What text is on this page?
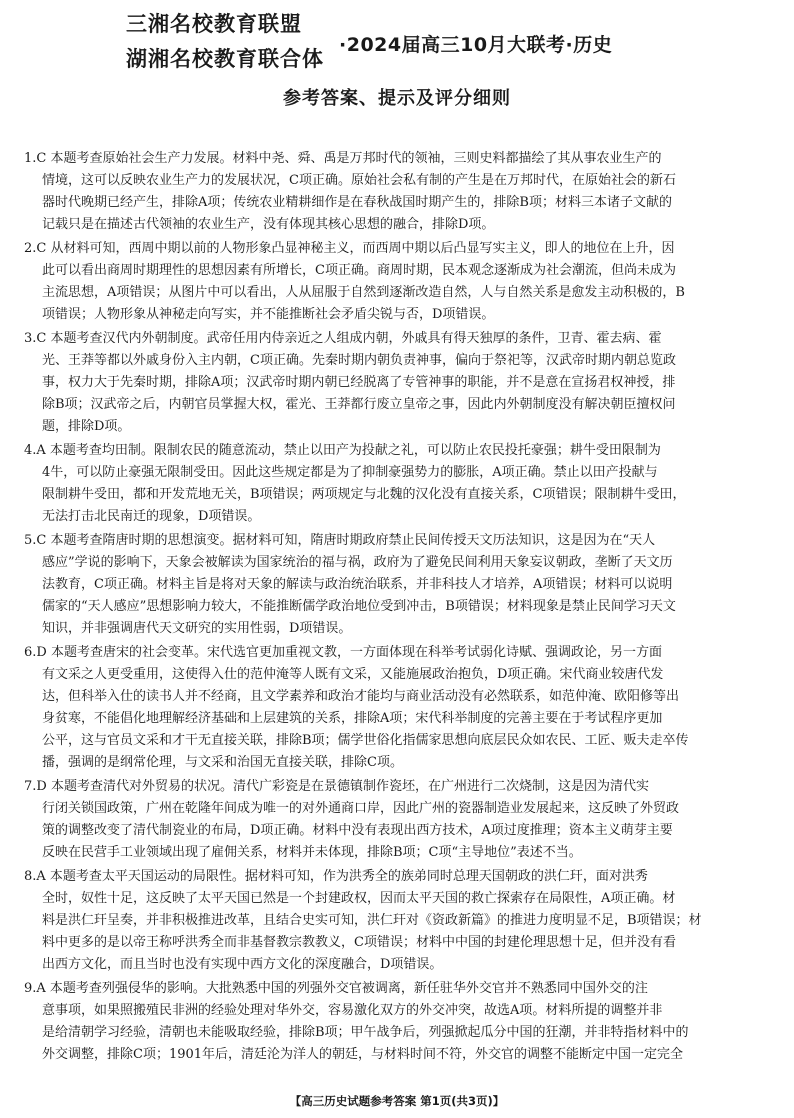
三湘名校教育联盟
湖湘名校教育联合体
·2024届高三10月大联考·历史
参考答案、提示及评分细则
1.C 本题考查原始社会生产力发展。材料中尧、舜、禹是万邦时代的领袖，三则史料都描绘了其从事农业生产的
情境，这可以反映农业生产力的发展状况，C项正确。原始社会私有制的产生是在万邦时代，在原始社会的新石
器时代晚期已经产生，排除A项；传统农业精耕细作是在春秋战国时期产生的，排除B项；材料三本诸子文献的
记载只是在描述古代领袖的农业生产，没有体现其核心思想的融合，排除D项。
2.C 从材料可知，西周中期以前的人物形象凸显神秘主义，而西周中期以后凸显写实主义，即人的地位在上升，因
此可以看出商周时期理性的思想因素有所增长，C项正确。商周时期，民本观念逐渐成为社会潮流，但尚未成为
主流思想，A项错误；从图片中可以看出，人从屈服于自然到逐渐改造自然，人与自然关系是愈发主动积极的，B
项错误；人物形象从神秘走向写实，并不能推断社会矛盾尖锐与否，D项错误。
3.C 本题考查汉代内外朝制度。武帝任用内侍亲近之人组成内朝，外戚具有得天独厚的条件，卫青、霍去病、霍
光、王莽等都以外戚身份入主内朝，C项正确。先秦时期内朝负责神事，偏向于祭祀等，汉武帝时期内朝总览政
事，权力大于先秦时期，排除A项；汉武帝时期内朝已经脱离了专管神事的职能，并不是意在宣扬君权神授，排
除B项；汉武帝之后，内朝官员掌握大权，霍光、王莽都行废立皇帝之事，因此内外朝制度没有解决朝臣擅权问
题，排除D项。
4.A 本题考查均田制。限制农民的随意流动，禁止以田产为投献之礼，可以防止农民投托豪强；耕牛受田限制为
4牛，可以防止豪强无限制受田。因此这些规定都是为了抑制豪强势力的膨胀，A项正确。禁止以田产投献与
限制耕牛受田，都和开发荒地无关，B项错误；两项规定与北魏的汉化没有直接关系，C项错误；限制耕牛受田，
无法打击北民南迁的现象，D项错误。
5.C 本题考查隋唐时期的思想演变。据材料可知，隋唐时期政府禁止民间传授天文历法知识，这是因为在“天人
感应”学说的影响下，天象会被解读为国家统治的福与祸，政府为了避免民间利用天象妄议朝政，垄断了天文历
法教育，C项正确。材料主旨是将对天象的解读与政治统治联系，并非科技人才培养，A项错误；材料可以说明
儒家的“天人感应”思想影响力较大，不能推断儒学政治地位受到冲击，B项错误；材料现象是禁止民间学习天文
知识，并非强调唐代天文研究的实用性弱，D项错误。
6.D 本题考查唐宋的社会变革。宋代选官更加重视文教，一方面体现在科举考试弱化诗赋、强调政论，另一方面
有文采之人更受重用，这使得入仕的范仲淹等人既有文采，又能施展政治抱负，D项正确。宋代商业较唐代发
达，但科举入仕的读书人并不经商，且文学素养和政治才能均与商业活动没有必然联系，如范仲淹、欧阳修等出
身贫寒，不能倡化地理解经济基础和上层建筑的关系，排除A项；宋代科举制度的完善主要在于考试程序更加
公平，这与官员文采和才干无直接关联，排除B项；儒学世俗化指儒家思想向底层民众如农民、工匠、贩夫走卒传
播，强调的是纲常伦理，与文采和治国无直接关联，排除C项。
7.D 本题考查清代对外贸易的状况。清代广彩瓷是在景德镇制作瓷坯，在广州进行二次烧制，这是因为清代实
行闭关锁国政策，广州在乾隆年间成为唯一的对外通商口岸，因此广州的瓷器制造业发展起来，这反映了外贸政
策的调整改变了清代制瓷业的布局，D项正确。材料中没有表现出西方技术，A项过度推理；资本主义萌芽主要
反映在民营手工业领域出现了雇佣关系，材料并未体现，排除B项；C项“主导地位”表述不当。
8.A 本题考查太平天国运动的局限性。据材料可知，作为洪秀全的族弟同时总理天国朝政的洪仁玕，面对洪秀
全时，奴性十足，这反映了太平天国已然是一个封建政权，因而太平天国的救亡探索存在局限性，A项正确。材
料是洪仁玕呈奏，并非积极推进改革，且结合史实可知，洪仁玕对《资政新篇》的推进力度明显不足，B项错误；材
料中更多的是以帝王称呼洪秀全而非基督教宗教教义，C项错误；材料中中国的封建伦理思想十足，但并没有看
出西方文化，而且当时也没有实现中西方文化的深度融合，D项错误。
9.A 本题考查列强侵华的影响。大批熟悉中国的列强外交官被调离，新任驻华外交官并不熟悉同中国外交的注
意事项，如果照搬殖民非洲的经验处理对华外交，容易激化双方的外交冲突，故选A项。材料所提的调整并非
是给清朝学习经验，清朝也未能吸取经验，排除B项；甲午战争后，列强掀起瓜分中国的狂潮，并非特指材料中的
外交调整，排除C项；1901年后，清廷沦为洋人的朝廷，与材料时间不符，外交官的调整不能断定中国一定完全
【高三历史试题参考答案 第1页(共3页)】
